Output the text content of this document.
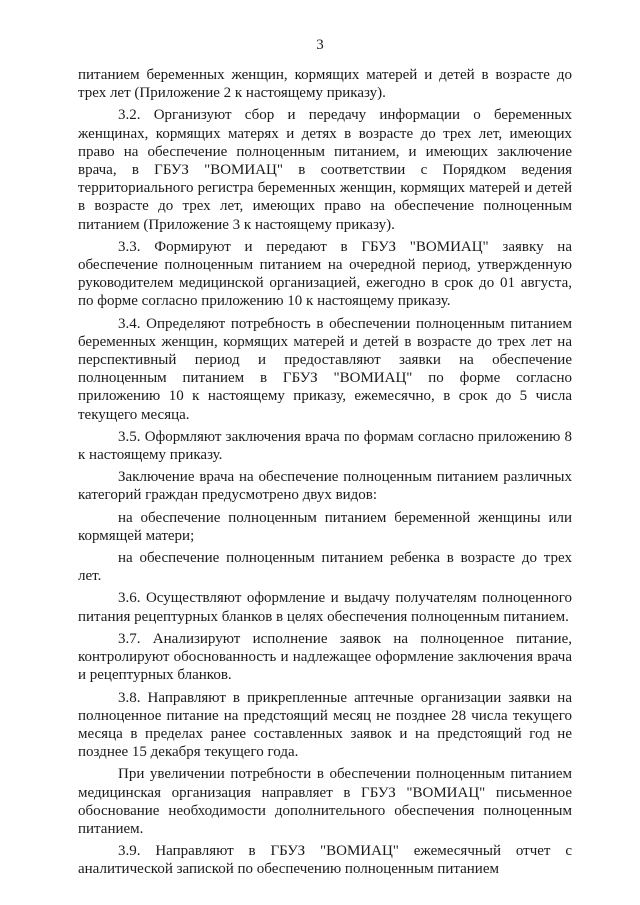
3

питанием беременных женщин, кормящих матерей и детей в возрасте до трех лет (Приложение 2 к настоящему приказу).

3.2. Организуют сбор и передачу информации о беременных женщинах, кормящих матерях и детях в возрасте до трех лет, имеющих право на обеспечение полноценным питанием, и имеющих заключение врача, в ГБУЗ "ВОМИАЦ" в соответствии с Порядком ведения территориального регистра беременных женщин, кормящих матерей и детей в возрасте до трех лет, имеющих право на обеспечение полноценным питанием (Приложение 3 к настоящему приказу).

3.3. Формируют и передают в ГБУЗ "ВОМИАЦ" заявку на обеспечение полноценным питанием на очередной период, утвержденную руководителем медицинской организацией, ежегодно в срок до 01 августа, по форме согласно приложению 10 к настоящему приказу.

3.4. Определяют потребность в обеспечении полноценным питанием беременных женщин, кормящих матерей и детей в возрасте до трех лет на перспективный период и предоставляют заявки на обеспечение полноценным питанием в ГБУЗ "ВОМИАЦ" по форме согласно приложению 10 к настоящему приказу, ежемесячно, в срок до 5 числа текущего месяца.

3.5. Оформляют заключения врача по формам согласно приложению 8 к настоящему приказу.

Заключение врача на обеспечение полноценным питанием различных категорий граждан предусмотрено двух видов:

на обеспечение полноценным питанием беременной женщины или кормящей матери;

на обеспечение полноценным питанием ребенка в возрасте до трех лет.

3.6. Осуществляют оформление и выдачу получателям полноценного питания рецептурных бланков в целях обеспечения полноценным питанием.

3.7. Анализируют исполнение заявок на полноценное питание, контролируют обоснованность и надлежащее оформление заключения врача и рецептурных бланков.

3.8. Направляют в прикрепленные аптечные организации заявки на полноценное питание на предстоящий месяц не позднее 28 числа текущего месяца в пределах ранее составленных заявок и на предстоящий год не позднее 15 декабря текущего года.

При увеличении потребности в обеспечении полноценным питанием медицинская организация направляет в ГБУЗ "ВОМИАЦ" письменное обоснование необходимости дополнительного обеспечения полноценным питанием.

3.9. Направляют в ГБУЗ "ВОМИАЦ" ежемесячный отчет с аналитической запиской по обеспечению полноценным питанием
